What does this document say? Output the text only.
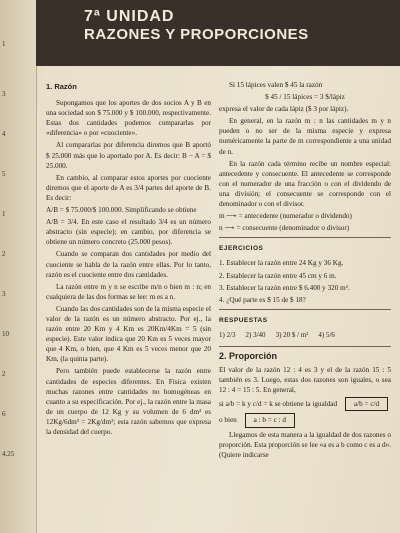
1
3
4
5
1
2
3
10
2
6
4.25
7ª UNIDAD
RAZONES Y PROPORCIONES
1. Razón

Supongamos que los aportes de dos socios A y B en una sociedad son $ 75.000 y $ 100.000, respectivamente. Estas dos cantidades podemos compararlas por «diferencia» o por «cuociente».

Al compararlas por diferencia diremos que B aportó $ 25.000 más que lo aportado por A. Es decir: B − A = $ 25.000.

En cambio, al comparar estos aportes por cuociente diremos que el aporte de A es 3/4 partes del aporte de B. Es decir:

A/B = $ 75.000/$ 100.000. Simplificando se obtiene

A/B = 3/4. En este caso el resultado 3/4 es un número abstracto (sin especie); en cambio, por diferencia se obtiene un número concreto (25.000 pesos).

Cuando se comparan dos cantidades por medio del cuociente se habla de la razón entre ellas. Por lo tanto, razón es el cuociente entre dos cantidades.

La razón entre m y n se escribe m/n o bien m : n; en cualquiera de las dos formas se lee: m es a n.

Cuando las dos cantidades son de la misma especie el valor de la razón es un número abstracto. Por ej., la razón entre 20 Km y 4 Km es 20Km/4Km = 5 (sin especie). Este valor indica que 20 Km es 5 veces mayor que 4 Km, o bien, que 4 Km es 5 veces menor que 20 Km, (la quinta parte).

Pero también puede establecerse la razón entre cantidades de especies diferentes. En Física existen muchas razones entre cantidades no homogéneas en cuanto a su especificación. Por ej., la razón entre la masa de un cuerpo de 12 Kg y su volumen de 6 dm³ es 12Kg/6dm³ = 2Kg/dm³; esta razón sabemos que expresa la densidad del cuerpo.

Si 15 lápices valen $ 45 la razón

$ 45 / 15 lápices = 3 $/lápiz

expresa el valor de cada lápiz ($ 3 por lápiz).

En general, en la razón m : n las cantidades m y n pueden o no ser de la misma especie y expresa numéricamente la parte de m correspondiente a una unidad de n.

En la razón cada término recibe un nombre especial: antecedente y consecuente. El antecedente se corresponde con el numerador de una fracción o con el dividendo de una división; el consecuente se corresponde con el denominador o con el divisor.

m ⟶ = antecedente (numerador o dividendo)

n ⟶ = consecuente (denominador o divisor)

EJERCICIOS
1. Establecer la razón entre 24 Kg y 36 Kg.
2. Establecer la razón entre 45 cm y 6 m.
3. Establecer la razón entre $ 6.400 y 320 m².
4. ¿Qué parte es $ 15 de $ 18?
RESPUESTAS
1) 2/3 2) 3/40 3) 20 $ / m² 4) 5/6
2. Proporción

El valor de la razón 12 : 4 es 3 y el de la razón 15 : 5 también es 3. Luego, estas dos razones son iguales, o sea 12 : 4 = 15 : 5. En general,

si a/b = k y c/d = k se obtiene la igualdad a/b = c/d

o bien a : b = c : d

Llegamos de esta manera a la igualdad de dos razones o proporción. Esta proporción se lee «a es a b como c es a d». (Quiere indicarse
